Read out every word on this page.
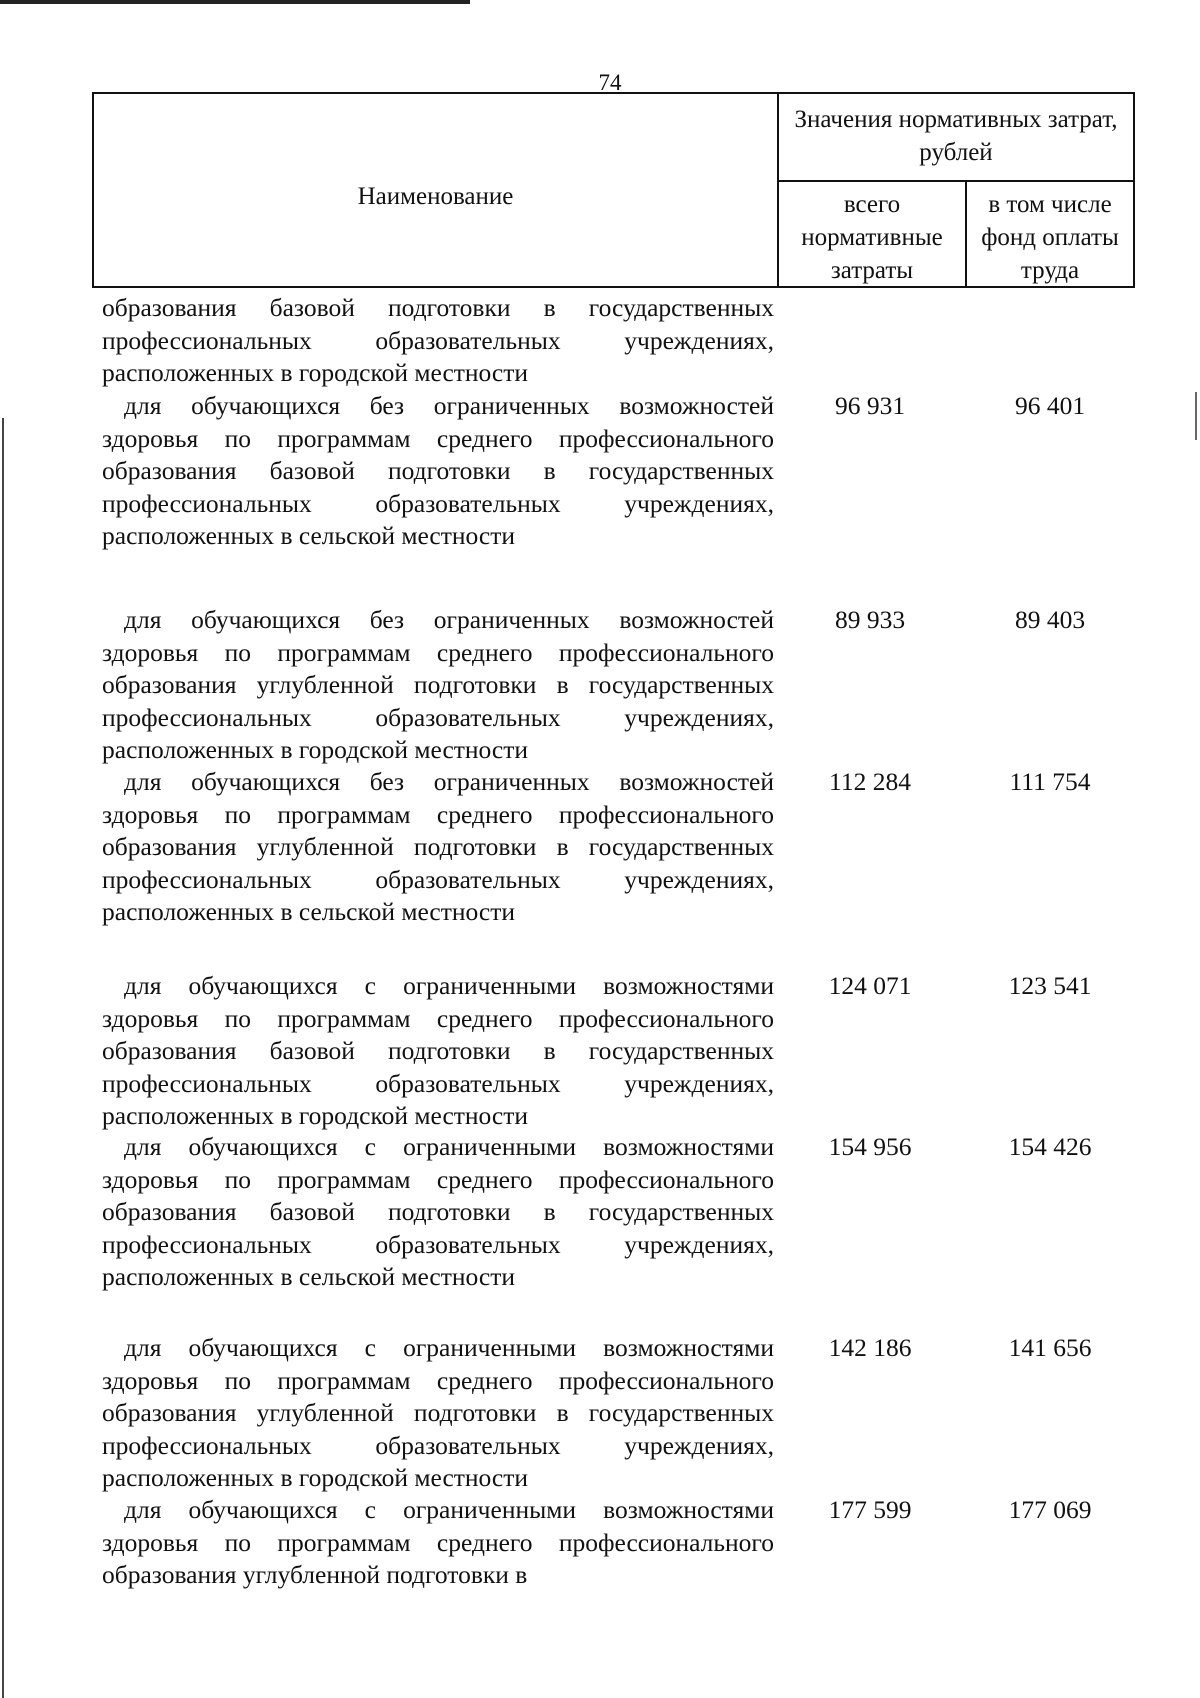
74
Наименование
Значения нормативных затрат, рублей
всего нормативные затраты
в том числе фонд оплаты труда
образования базовой подготовки в государственных профессиональных образовательных учреждениях, расположенных в городской местности
для обучающихся без ограниченных возможностей здоровья по программам среднего профессионального образования базовой подготовки в государственных профессиональных образовательных учреждениях, расположенных в сельской местности
96 931	96 401
для обучающихся без ограниченных возможностей здоровья по программам среднего профессионального образования углубленной подготовки в государственных профессиональных образовательных учреждениях, расположенных в городской местности
89 933	89 403
для обучающихся без ограниченных возможностей здоровья по программам среднего профессионального образования углубленной подготовки в государственных профессиональных образовательных учреждениях, расположенных в сельской местности
112 284	111 754
для обучающихся с ограниченными возможностями здоровья по программам среднего профессионального образования базовой подготовки в государственных профессиональных образовательных учреждениях, расположенных в городской местности
124 071	123 541
для обучающихся с ограниченными возможностями здоровья по программам среднего профессионального образования базовой подготовки в государственных профессиональных образовательных учреждениях, расположенных в сельской местности
154 956	154 426
для обучающихся с ограниченными возможностями здоровья по программам среднего профессионального образования углубленной подготовки в государственных профессиональных образовательных учреждениях, расположенных в городской местности
142 186	141 656
для обучающихся с ограниченными возможностями здоровья по программам среднего профессионального образования углубленной подготовки в
177 599	177 069
